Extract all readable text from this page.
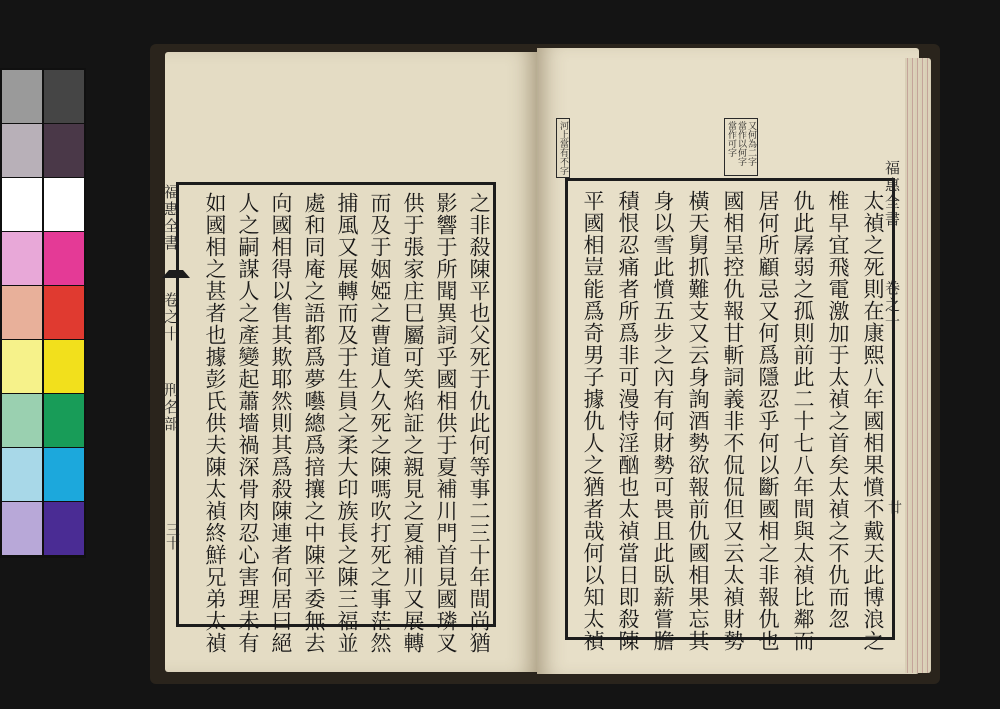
福惠全書
卷之十
刑名部
三十	之非殺陳平也父死于仇此何等事二三十年間尚猶
影響于所聞異詞乎國相供于夏補川門首見國璘叉
供于張家庄巳屬可笑焰証之親見之夏補川又展轉
而及于姻婭之曹道人久死之陳嗎吹打死之事茫然
捕風又展轉而及于生員之柔大印族長之陳三福並
處和同庵之語都爲夢囈總爲揞攘之中陳平委無去
向國相得以售其欺耶然則其爲殺陳連者何居曰絕
人之嗣謀人之產變起蕭墻禍深骨肉忍心害理未有
如國相之甚者也據彭氏供夫陳太禎終鮮兄弟太禎
河上當有不字	又何為二字當作以何字當作可字
福惠全書
卷之十
廿
太禎之死則在康熙八年國相果憤不戴天此博浪之
椎早宜飛電激加于太禎之首矣太禎之不仇而忽
仇此孱弱之孤則前此二十七八年間與太禎比鄰而
居何所顧忌又何爲隱忍乎何以斷國相之非報仇也
國相呈控仇報甘斬詞義非不侃侃但又云太禎財勢
橫天舅抓難支又云身詢酒勢欲報前仇國相果忘其
身以雪此憤五步之內有何財勢可畏且此臥薪嘗膽
積恨忍痛者所爲非可漫恃淫酗也太禎當日即殺陳
平國相豈能爲奇男子據仇人之猶者哉何以知太禎
